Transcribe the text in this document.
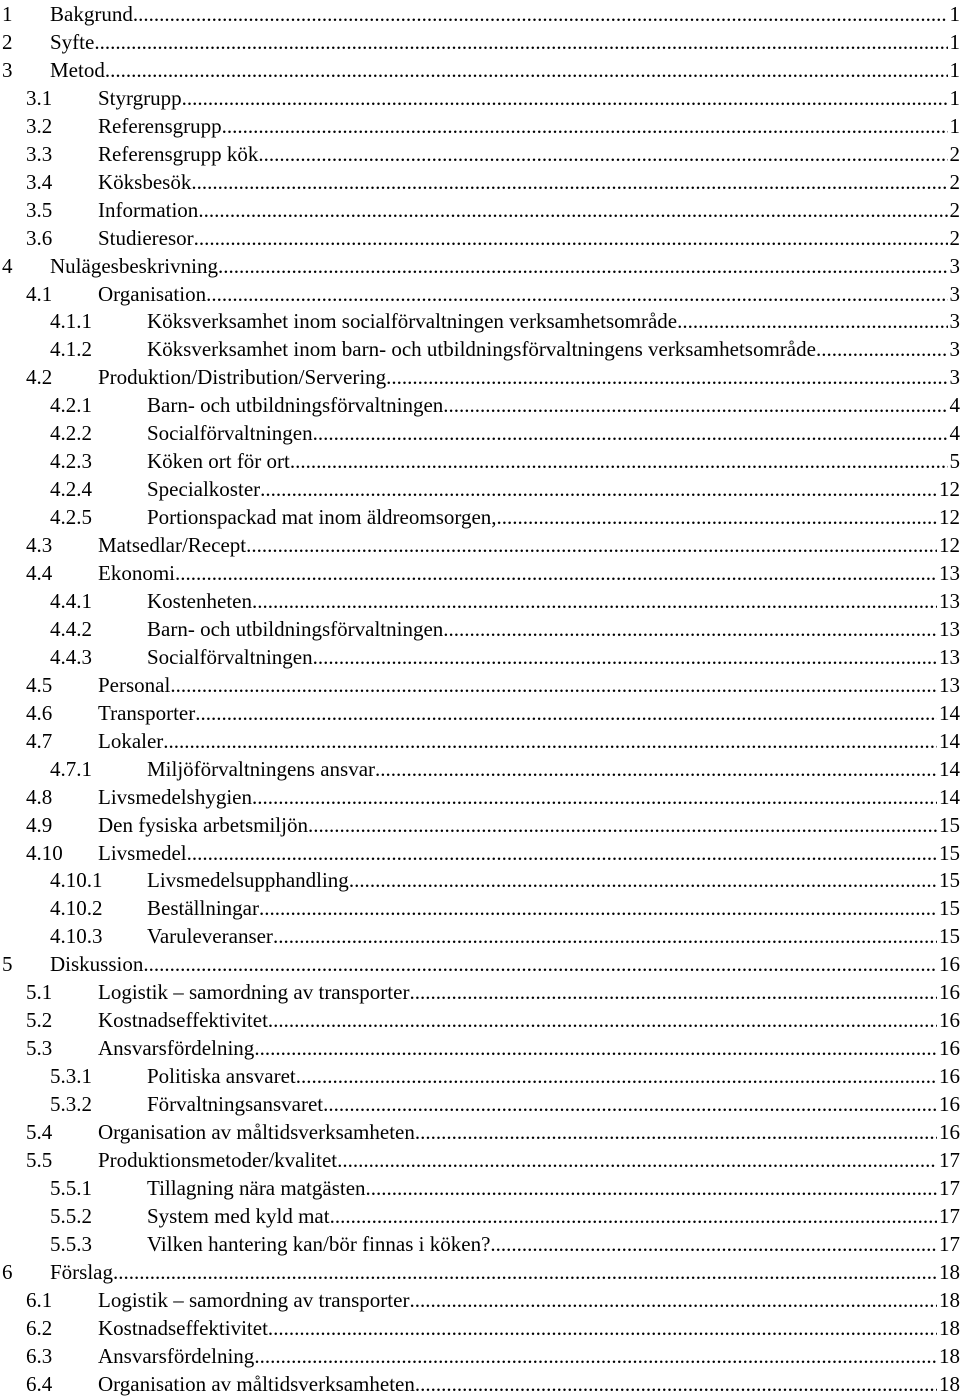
1 Bakgrund .....	1
2 Syfte .....	1
3 Metod .....	1
3.1 Styrgrupp .....	1
3.2 Referensgrupp .....	1
3.3 Referensgrupp kök .....	2
3.4 Köksbesök .....	2
3.5 Information .....	2
3.6 Studieresor .....	2
4 Nulägesbeskrivning .....	3
4.1 Organisation .....	3
4.1.1	Köksverksamhet inom socialförvaltningen verksamhetsområde .....	3
4.1.2	Köksverksamhet inom barn- och utbildningsförvaltningens verksamhetsområde .....	3
4.2 Produktion/Distribution/Servering .....	3
4.2.1	Barn- och utbildningsförvaltningen .....	4
4.2.2	Socialförvaltningen .....	4
4.2.3	Köken ort för ort .....	5
4.2.4	Specialkoster .....	12
4.2.5	Portionspackad mat inom äldreomsorgen, .....	12
4.3 Matsedlar/Recept .....	12
4.4 Ekonomi .....	13
4.4.1	Kostenheten .....	13
4.4.2	Barn- och utbildningsförvaltningen .....	13
4.4.3	Socialförvaltningen .....	13
4.5 Personal .....	13
4.6 Transporter .....	14
4.7 Lokaler .....	14
4.7.1	Miljöförvaltningens ansvar .....	14
4.8 Livsmedelshygien .....	14
4.9 Den fysiska arbetsmiljön .....	15
4.10 Livsmedel .....	15
4.10.1 Livsmedelsupphandling .....	15
4.10.2 Beställningar .....	15
4.10.3 Varuleveranser .....	15
5 Diskussion .....	16
5.1 Logistik – samordning av transporter .....	16
5.2 Kostnadseffektivitet .....	16
5.3 Ansvarsfördelning .....	16
5.3.1	Politiska ansvaret .....	16
5.3.2	Förvaltningsansvaret .....	16
5.4 Organisation av måltidsverksamheten .....	16
5.5 Produktionsmetoder/kvalitet .....	17
5.5.1	Tillagning nära matgästen .....	17
5.5.2	System med kyld mat .....	17
5.5.3	Vilken hantering kan/bör finnas i köken? .....	17
6 Förslag .....	18
6.1 Logistik – samordning av transporter .....	18
6.2 Kostnadseffektivitet .....	18
6.3 Ansvarsfördelning .....	18
6.4 Organisation av måltidsverksamheten .....	18
